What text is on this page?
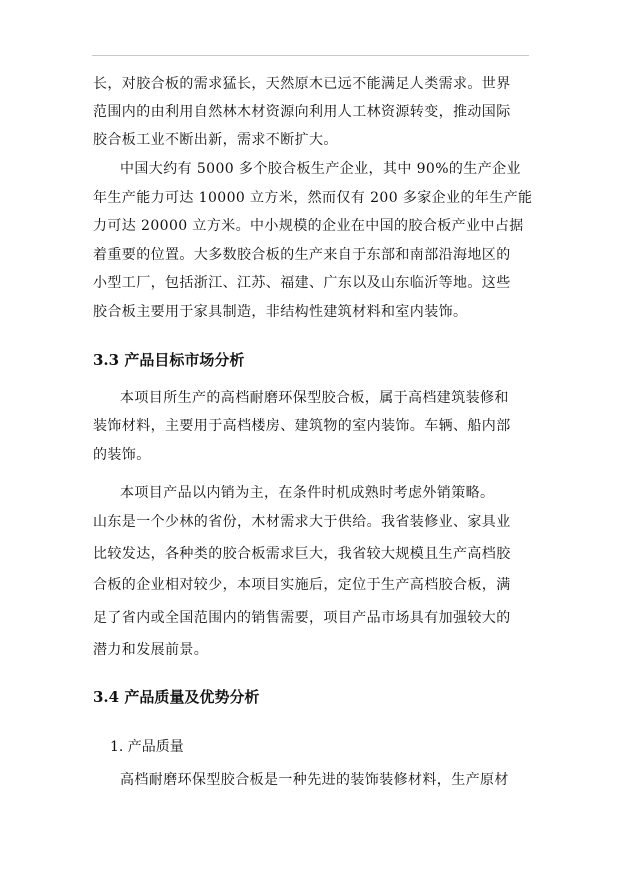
长，对胶合板的需求猛长，天然原木已远不能满足人类需求。世界
范围内的由利用自然林木材资源向利用人工林资源转变，推动国际
胶合板工业不断出新，需求不断扩大。
中国大约有 5000 多个胶合板生产企业，其中 90%的生产企业
年生产能力可达 10000 立方米，然而仅有 200 多家企业的年生产能
力可达 20000 立方米。中小规模的企业在中国的胶合板产业中占据
着重要的位置。大多数胶合板的生产来自于东部和南部沿海地区的
小型工厂，包括浙江、江苏、福建、广东以及山东临沂等地。这些
胶合板主要用于家具制造，非结构性建筑材料和室内装饰。
3.3 产品目标市场分析
本项目所生产的高档耐磨环保型胶合板，属于高档建筑装修和
装饰材料，主要用于高档楼房、建筑物的室内装饰。车辆、船内部
的装饰。
本项目产品以内销为主，在条件时机成熟时考虑外销策略。
山东是一个少林的省份，木材需求大于供给。我省装修业、家具业
比较发达，各种类的胶合板需求巨大，我省较大规模且生产高档胶
合板的企业相对较少，本项目实施后，定位于生产高档胶合板，满
足了省内或全国范围内的销售需要，项目产品市场具有加强较大的
潜力和发展前景。
3.4 产品质量及优势分析
1. 产品质量
高档耐磨环保型胶合板是一种先进的装饰装修材料，生产原材
